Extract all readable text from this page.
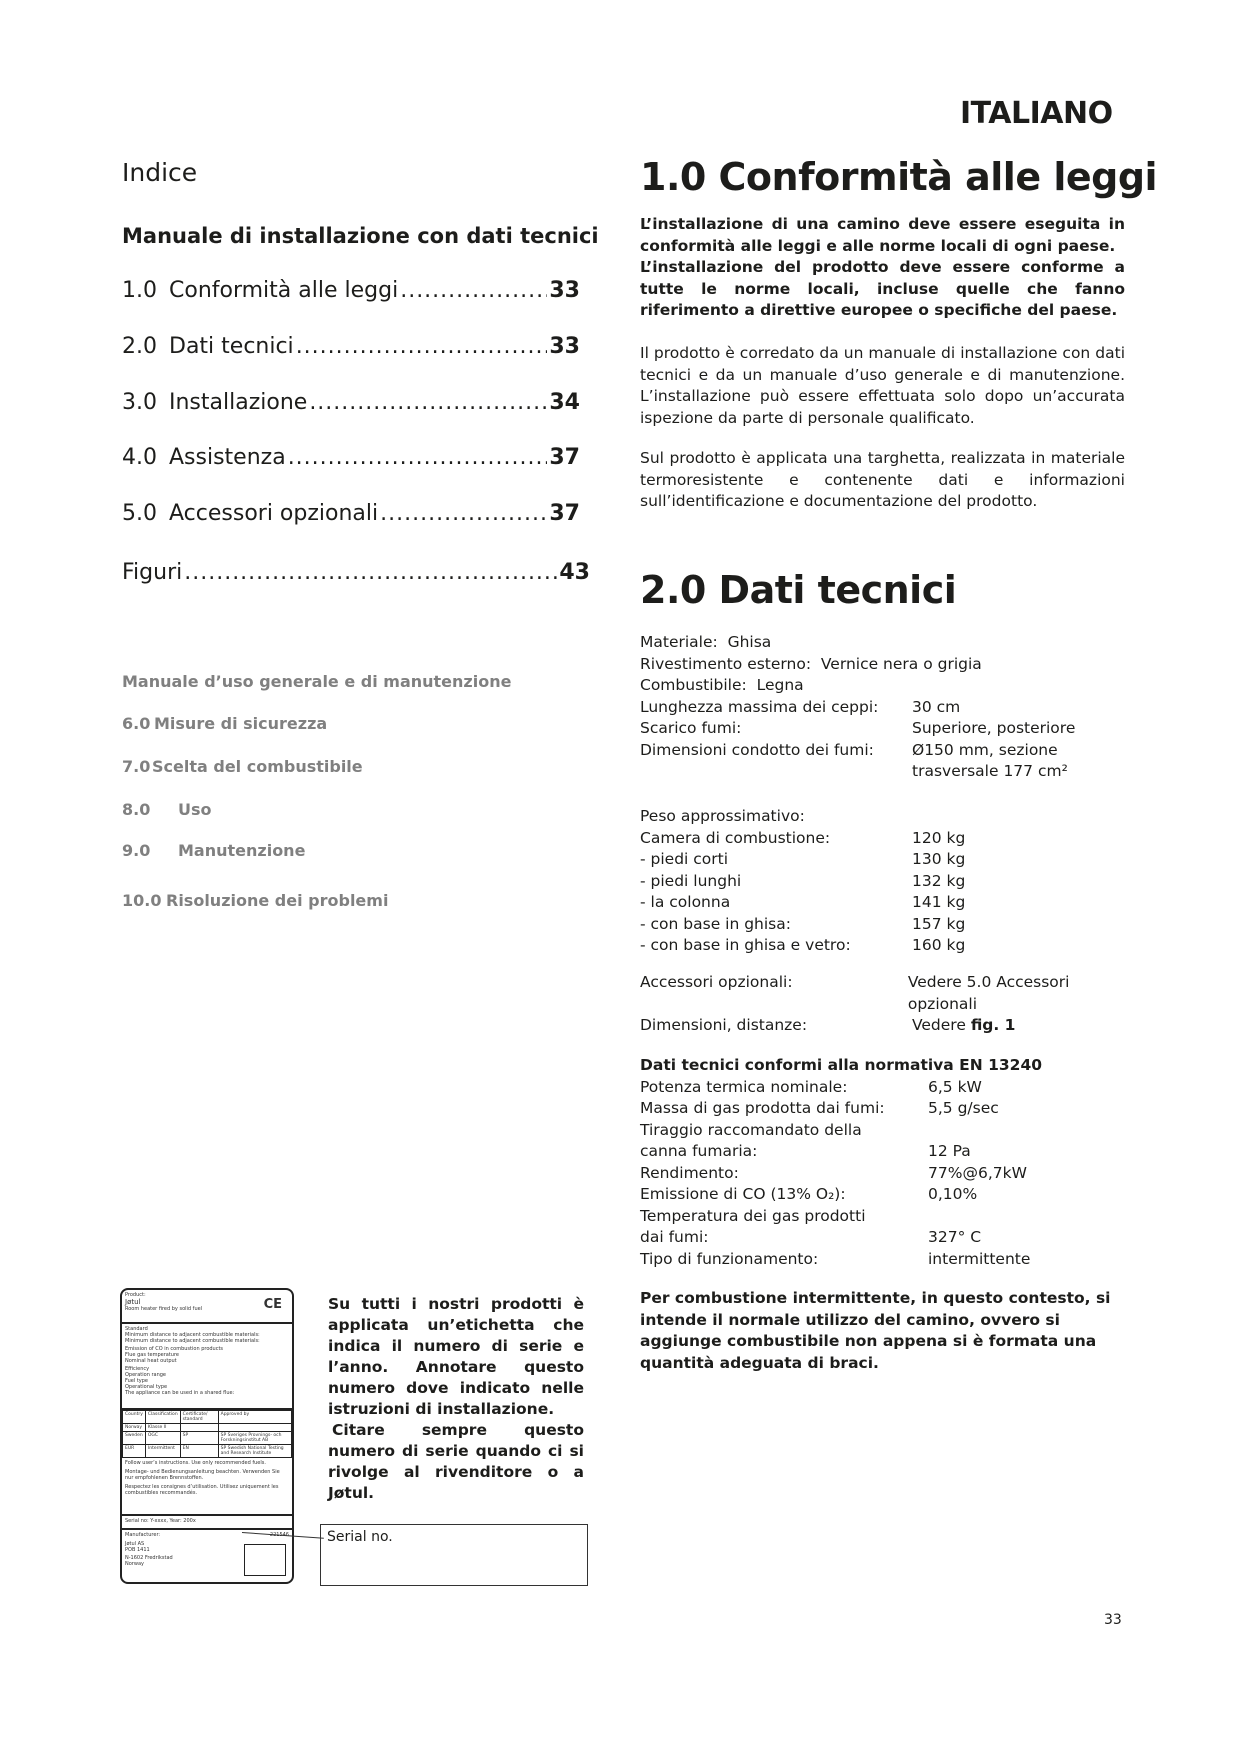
ITALIANO
Indice
Manuale di installazione con dati tecnici
1.0 Conformità alle leggi .....	33
2.0 Dati tecnici .....	33
3.0 Installazione .....	34
4.0 Assistenza .....	37
5.0 Accessori opzionali .....	37
Figuri .....	43
Manuale d’uso generale e di manutenzione
6.0 Misure di sicurezza
7.0 Scelta del combustibile
8.0	Uso
9.0	Manutenzione
10.0 Risoluzione dei problemi
1.0 Conformità alle leggi
L’installazione di una camino deve essere eseguita in conformità alle leggi e alle norme locali di ogni paese.
L’installazione del prodotto deve essere conforme a tutte le norme locali, incluse quelle che fanno riferimento a direttive europee o specifiche del paese.
Il prodotto è corredato da un manuale di installazione con dati tecnici e da un manuale d’uso generale e di manutenzione. L’installazione può essere effettuata solo dopo un’accurata ispezione da parte di personale qualificato.
Sul prodotto è applicata una targhetta, realizzata in materiale termoresistente e contenente dati e informazioni sull’identificazione e documentazione del prodotto.
2.0 Dati tecnici
Materiale:
Ghisa
Rivestimento esterno:
Vernice nera o grigia
Combustibile:
Legna
Lunghezza massima dei ceppi:	30 cm
Scarico fumi:	Superiore, posteriore
Dimensioni condotto dei fumi:	Ø150 mm, sezione
trasversale 177 cm²
Peso approssimativo:
Camera di combustione:	120 kg
- piedi corti	130 kg
- piedi lunghi	132 kg
- la colonna	141 kg
- con base in ghisa:	157 kg
- con base in ghisa e vetro:	160 kg
Accessori opzionali:	Vedere 5.0 Accessori opzionali
Dimensioni, distanze:	Vedere fig. 1
Dati tecnici conformi alla normativa EN 13240
Potenza termica nominale:	6,5 kW
Massa di gas prodotta dai fumi:	5,5 g/sec
Tiraggio raccomandato della
canna fumaria:	12 Pa
Rendimento:	77%@6,7kW
Emissione di CO (13% O₂):	0,10%
Temperatura dei gas prodotti
dai fumi:	327° C
Tipo di funzionamento:	intermittente
Per combustione intermittente, in questo contesto, si intende il normale utilizzo del camino, ovvero si aggiunge combustibile non appena si è formata una quantità adeguata di braci.
Product:
Jøtul
Room heater fired by solid fuel	CE
Standard
Minimum distance to adjacent combustible materials:
Minimum distance to adjacent combustible materials:
Emission of CO in combustion products
Flue gas temperature
Nominal heat output
Efficiency
Operation range
Fuel type
Operational type
The appliance can be used in a shared flue:
Country	Classification	Certificate/ standard	Approved by
Norway	Klasse II		
Sweden	OGC	SP	SP Sveriges Provnings- och Forskningsinstitut AB
EUR	Intermittent	EN	SP Swedish National Testing and Research Institute
Follow user’s instructions. Use only recommended fuels.
Montage- und Bedienungsanleitung beachten. Verwenden Sie nur empfohlenen Brennstoffen.
Respectez les consignes d’utilisation. Utilisez uniquement les combustibles recommandés.
Serial no: Y-xxxx, Year: 200x
Manufacturer:
Jøtul AS
POB 1411
N-1602 Fredrikstad
Norway
Su tutti i nostri prodotti è applicata un’etichetta che indica il numero di serie e l’anno. Annotare questo numero dove indicato nelle istruzioni di installazione.
Citare sempre questo numero di serie quando ci si rivolge al rivenditore o a Jøtul.
Serial no.
33
